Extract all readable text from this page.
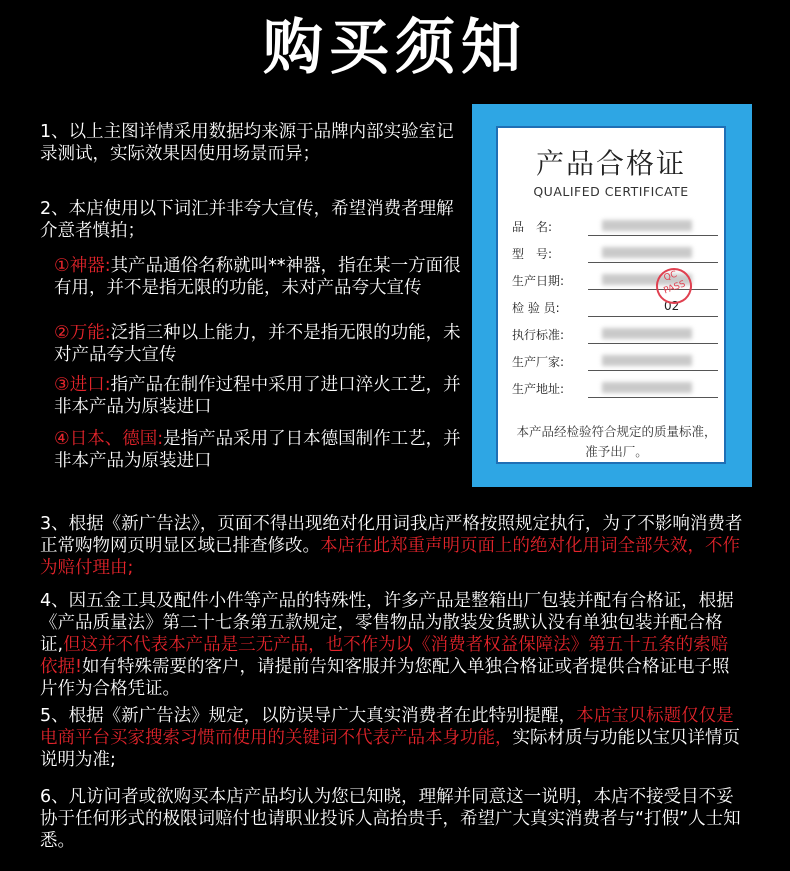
购买须知
1、以上主图详情采用数据均来源于品牌内部实验室记录测试，实际效果因使用场景而异；
2、本店使用以下词汇并非夸大宣传，希望消费者理解介意者慎拍；
①神器:其产品通俗名称就叫**神器，指在某一方面很有用，并不是指无限的功能，未对产品夸大宣传
②万能:泛指三种以上能力，并不是指无限的功能，未对产品夸大宣传
③进口:指产品在制作过程中采用了进口淬火工艺，并非本产品为原装进口
④日本、德国:是指产品采用了日本德国制作工艺，并非本产品为原装进口
产品合格证
QUALIFED CERTIFICATE
品　名:
型　号:
生产日期:
检 验 员:	02
执行标准:
生产厂家:
生产地址:
QC PASS
本产品经检验符合规定的质量标准，准予出厂。
3、根据《新广告法》，页面不得出现绝对化用词我店严格按照规定执行，为了不影响消费者正常购物网页明显区域已排查修改。本店在此郑重声明页面上的绝对化用词全部失效，不作为赔付理由;
4、因五金工具及配件小件等产品的特殊性，许多产品是整箱出厂包装并配有合格证，根据《产品质量法》第二十七条第五款规定，零售物品为散装发货默认没有单独包装并配合格证,但这并不代表本产品是三无产品，也不作为以《消费者权益保障法》第五十五条的索赔依据!如有特殊需要的客户，请提前告知客服并为您配入单独合格证或者提供合格证电子照片作为合格凭证。
5、根据《新广告法》规定，以防误导广大真实消费者在此特别提醒，本店宝贝标题仅仅是电商平台买家搜索习惯而使用的关键词不代表产品本身功能，实际材质与功能以宝贝详情页说明为准;
6、凡访问者或欲购买本店产品均认为您已知晓，理解并同意这一说明，本店不接受目不妥协于任何形式的极限词赔付也请职业投诉人高抬贵手，希望广大真实消费者与“打假”人士知悉。
